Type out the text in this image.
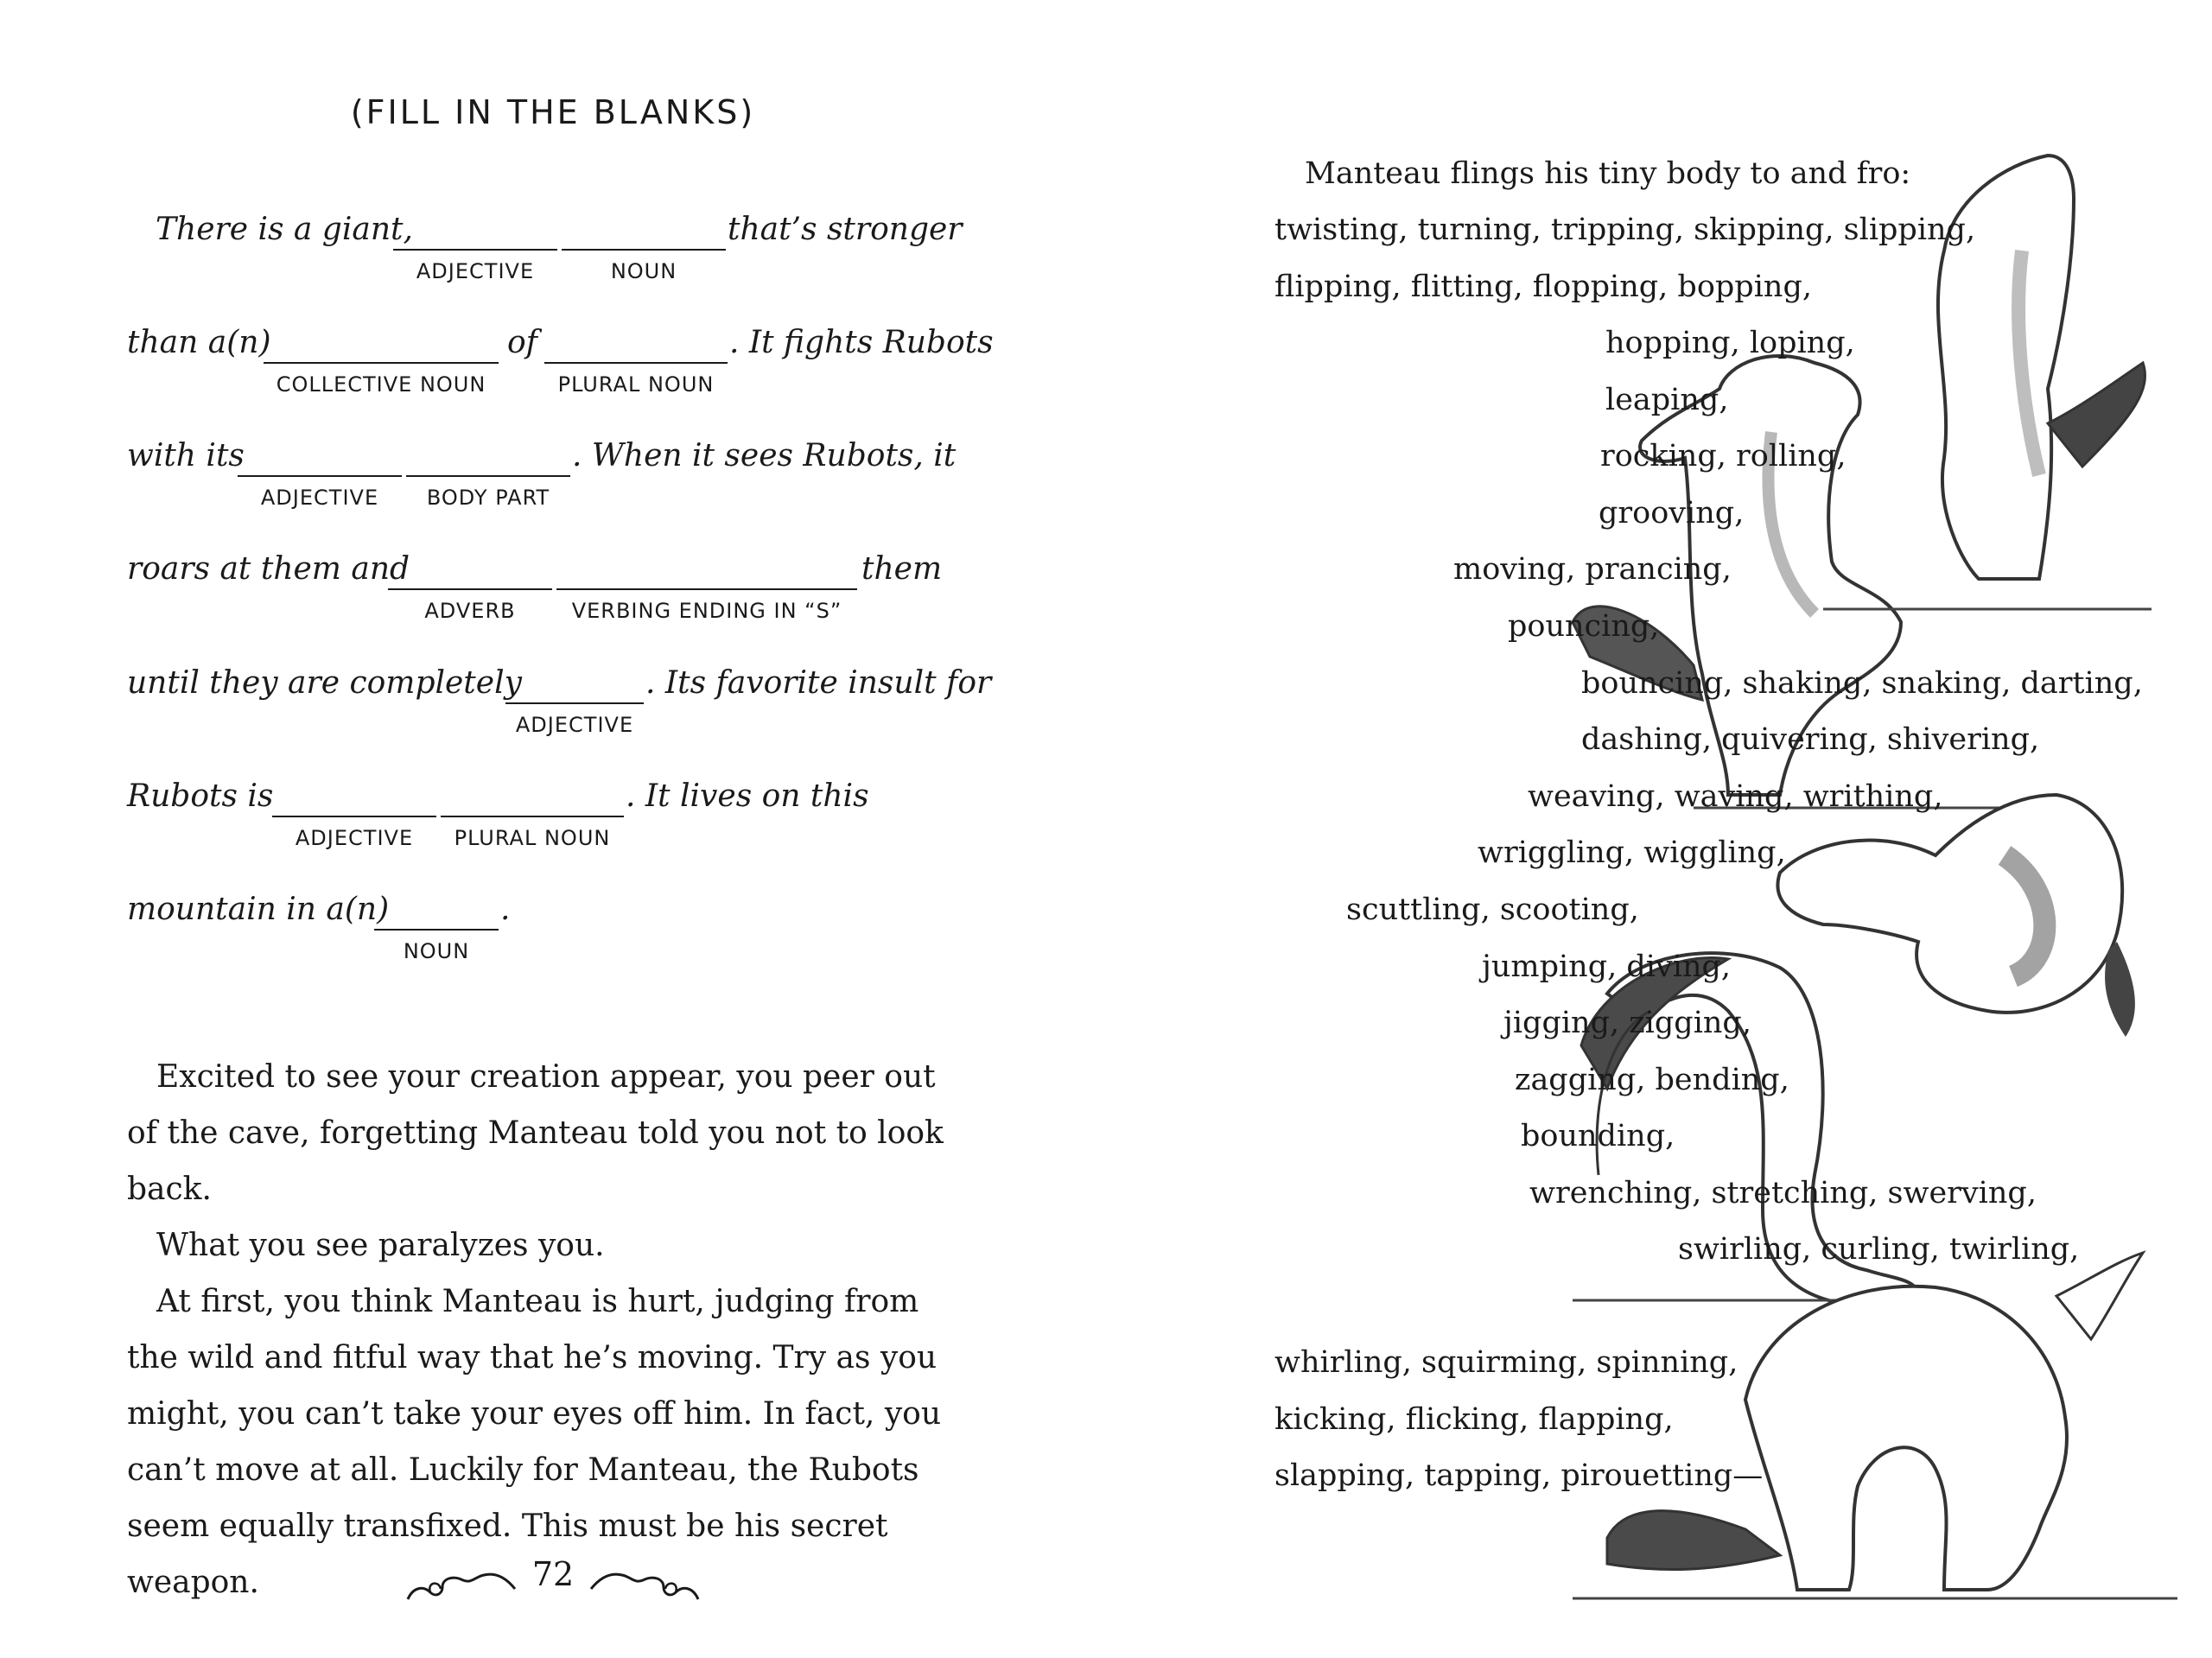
(FILL IN THE BLANKS)
There is a giant,	that’s stronger
ADJECTIVE	NOUN
than a(n)	of	. It fights Rubots
COLLECTIVE NOUN	PLURAL NOUN
with its	. When it sees Rubots, it
ADJECTIVE	BODY PART
roars at them and	them
ADVERB	VERBING ENDING IN “S”
until they are completely	. Its favorite insult for
ADJECTIVE
Rubots is	. It lives on this
ADJECTIVE	PLURAL NOUN
mountain in a(n)	.
NOUN

Excited to see your creation appear, you peer out of the cave, forgetting Manteau told you not to look back.

What you see paralyzes you.

At first, you think Manteau is hurt, judging from the wild and fitful way that he’s moving. Try as you might, you can’t take your eyes off him. In fact, you can’t move at all. Luckily for Manteau, the Rubots seem equally transfixed. This must be his secret weapon.	72
Manteau flings his tiny body to and fro:
twisting, turning, tripping, skipping, slipping,
flipping, flitting, flopping, bopping,
hopping, loping,
leaping,
rocking, rolling,
grooving,
moving, prancing,
pouncing,
bouncing, shaking, snaking, darting,
dashing, quivering, shivering,
weaving, waving, writhing,
wriggling, wiggling,
scuttling, scooting,
jumping, diving,
jigging, zigging,
zagging, bending,
bounding,
wrenching, stretching, swerving,
swirling, curling, twirling,
whirling, squirming, spinning,
kicking, flicking, flapping,
slapping, tapping, pirouetting—
